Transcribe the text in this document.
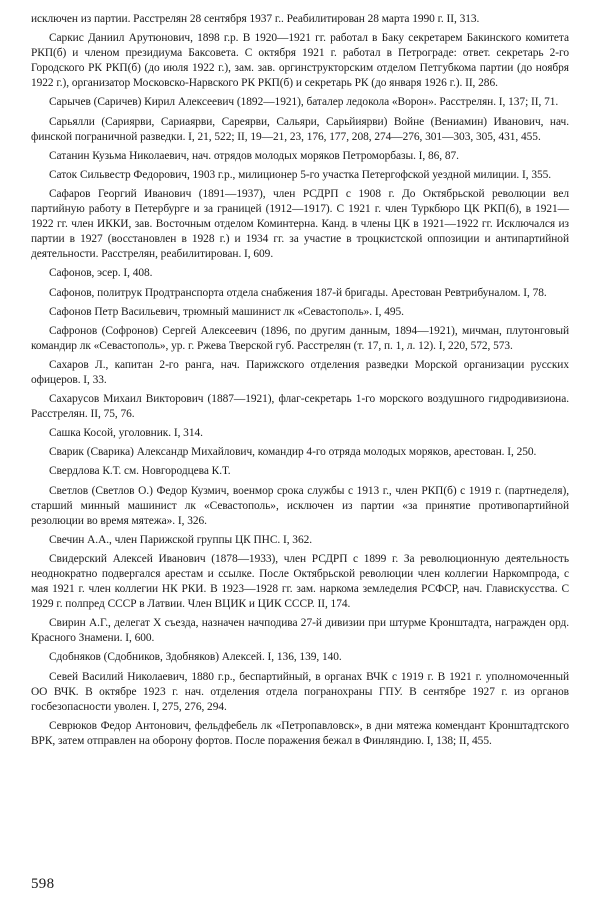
исключен из партии. Расстрелян 28 сентября 1937 г.. Реабилитирован 28 марта 1990 г. II, 313.

Саркис Даниил Арутюнович, 1898 г.р. В 1920—1921 гг. работал в Баку секретарем Бакинского комитета РКП(б) и членом президиума Баксовета. С октября 1921 г. работал в Петрограде: ответ. секретарь 2-го Городского РК РКП(б) (до июля 1922 г.), зам. зав. оргинструкторским отделом Петгубкома партии (до ноября 1922 г.), организатор Московско-Нарвского РК РКП(б) и секретарь РК (до января 1926 г.). II, 286.

Сарычев (Саричев) Кирил Алексеевич (1892—1921), баталер ледокола «Ворон». Расстрелян. I, 137; II, 71.

Сарьялли (Сариярви, Сариаярви, Сареярви, Сальяри, Сарьйиярви) Войне (Вениамин) Иванович, нач. финской пограничной разведки. I, 21, 522; II, 19—21, 23, 176, 177, 208, 274—276, 301—303, 305, 431, 455.

Сатанин Кузьма Николаевич, нач. отрядов молодых моряков Петроморбазы. I, 86, 87.

Саток Сильвестр Федорович, 1903 г.р., милиционер 5-го участка Петергофской уездной милиции. I, 355.

Сафаров Георгий Иванович (1891—1937), член РСДРП с 1908 г. До Октябрьской революции вел партийную работу в Петербурге и за границей (1912—1917). С 1921 г. член Туркбюро ЦК РКП(б), в 1921—1922 гг. член ИККИ, зав. Восточным отделом Коминтерна. Канд. в члены ЦК в 1921—1922 гг. Исключался из партии в 1927 (восстановлен в 1928 г.) и 1934 гг. за участие в троцкистской оппозиции и антипартийной деятельности. Расстрелян, реабилитирован. I, 609.

Сафонов, эсер. I, 408.

Сафонов, политрук Продтранспорта отдела снабжения 187-й бригады. Арестован Ревтрибуналом. I, 78.

Сафонов Петр Васильевич, трюмный машинист лк «Севастополь». I, 495.

Сафронов (Софронов) Сергей Алексеевич (1896, по другим данным, 1894—1921), мичман, плутонговый командир лк «Севастополь», ур. г. Ржева Тверской губ. Расстрелян (т. 17, п. 1, л. 12). I, 220, 572, 573.

Сахаров Л., капитан 2-го ранга, нач. Парижского отделения разведки Морской организации русских офицеров. I, 33.

Сахарусов Михаил Викторович (1887—1921), флаг-секретарь 1-го морского воздушного гидродивизиона. Расстрелян. II, 75, 76.

Сашка Косой, уголовник. I, 314.

Сварик (Сварика) Александр Михайлович, командир 4-го отряда молодых моряков, арестован. I, 250.

Свердлова К.Т. см. Новгородцева К.Т.

Светлов (Светлов О.) Федор Кузмич, военмор срока службы с 1913 г., член РКП(б) с 1919 г. (партнеделя), старший минный машинист лк «Севастополь», исключен из партии «за принятие противопартийной резолюции во время мятежа». I, 326.

Свечин А.А., член Парижской группы ЦК ПНС. I, 362.

Свидерский Алексей Иванович (1878—1933), член РСДРП с 1899 г. За революционную деятельность неоднократно подвергался арестам и ссылке. После Октябрьской революции член коллегии Наркомпрода, с мая 1921 г. член коллегии НК РКИ. В 1923—1928 гг. зам. наркома земледелия РСФСР, нач. Главискусства. С 1929 г. полпред СССР в Латвии. Член ВЦИК и ЦИК СССР. II, 174.

Свирин А.Г., делегат X съезда, назначен начподива 27-й дивизии при штурме Кронштадта, награжден орд. Красного Знамени. I, 600.

Сдобняков (Сдобников, Здобняков) Алексей. I, 136, 139, 140.

Севей Василий Николаевич, 1880 г.р., беспартийный, в органах ВЧК с 1919 г. В 1921 г. уполномоченный ОО ВЧК. В октябре 1923 г. нач. отделения отдела погранохраны ГПУ. В сентябре 1927 г. из органов госбезопасности уволен. I, 275, 276, 294.

Севрюков Федор Антонович, фельдфебель лк «Петропавловск», в дни мятежа комендант Кронштадтского ВРК, затем отправлен на оборону фортов. После поражения бежал в Финляндию. I, 138; II, 455.

598
